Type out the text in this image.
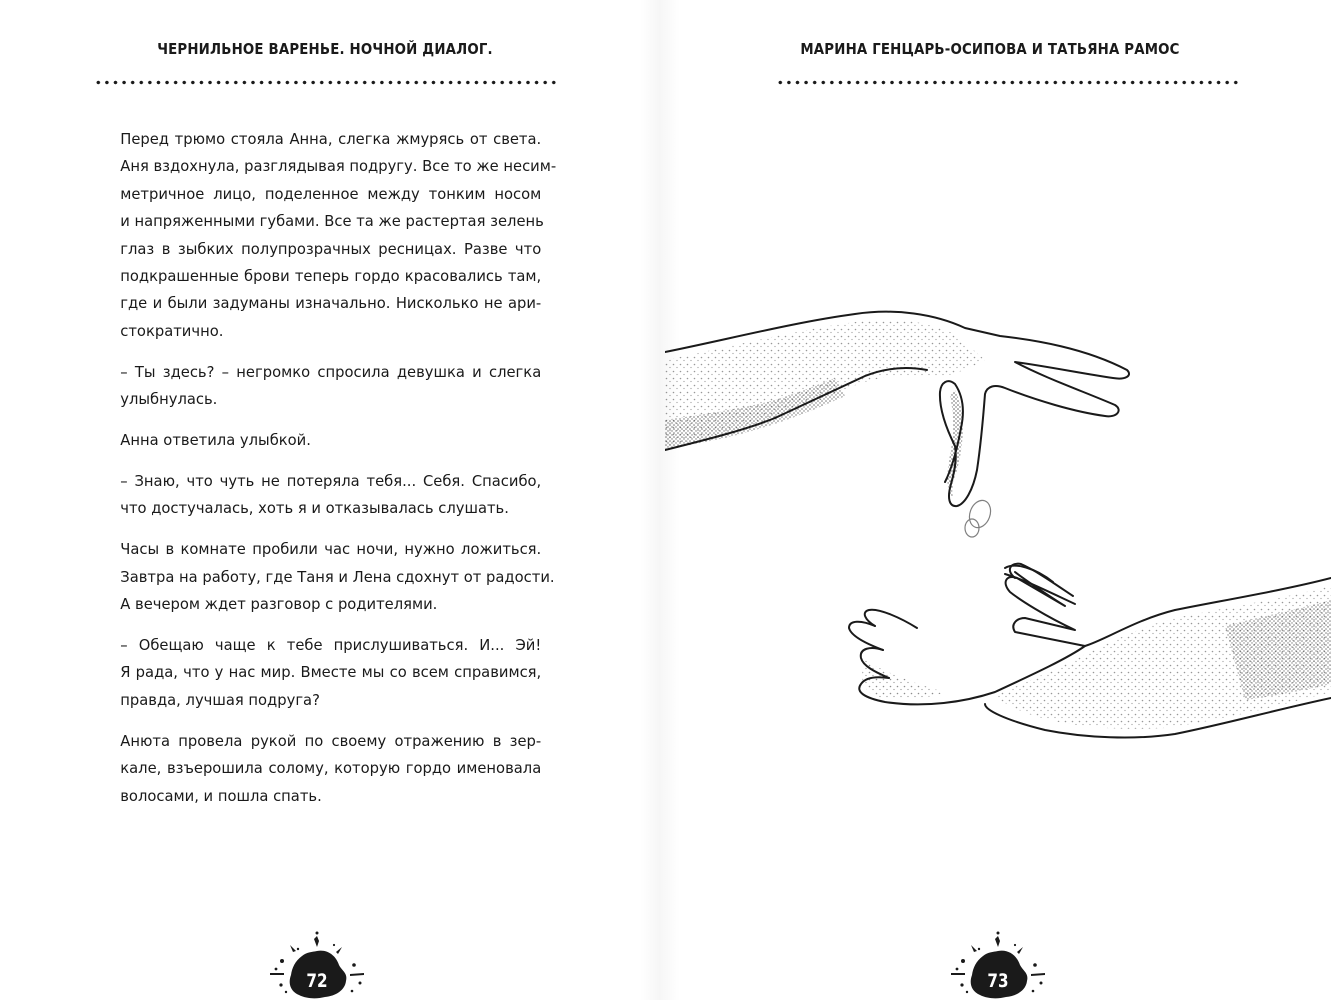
ЧЕРНИЛЬНОЕ ВАРЕНЬЕ. НОЧНОЙ ДИАЛОГ.

Перед трюмо стояла Анна, слегка жмурясь от света.
Аня вздохнула, разглядывая подругу. Все то же несим-
метричное лицо, поделенное между тонким носом
и напряженными губами. Все та же растертая зелень
глаз в зыбких полупрозрачных ресницах. Разве что
подкрашенные брови теперь гордо красовались там,
где и были задуманы изначально. Нисколько не ари-
стократично.

– Ты здесь? – негромко спросила девушка и слегка
улыбнулась.

Анна ответила улыбкой.

– Знаю, что чуть не потеряла тебя... Себя. Спасибо,
что достучалась, хоть я и отказывалась слушать.

Часы в комнате пробили час ночи, нужно ложиться.
Завтра на работу, где Таня и Лена сдохнут от радости.
А вечером ждет разговор с родителями.

– Обещаю чаще к тебе прислушиваться. И... Эй!
Я рада, что у нас мир. Вместе мы со всем справимся,
правда, лучшая подруга?

Анюта провела рукой по своему отражению в зер-
кале, взъерошила солому, которую гордо именовала
волосами, и пошла спать.

72
МАРИНА ГЕНЦАРЬ-ОСИПОВА И ТАТЬЯНА РАМОС
73
